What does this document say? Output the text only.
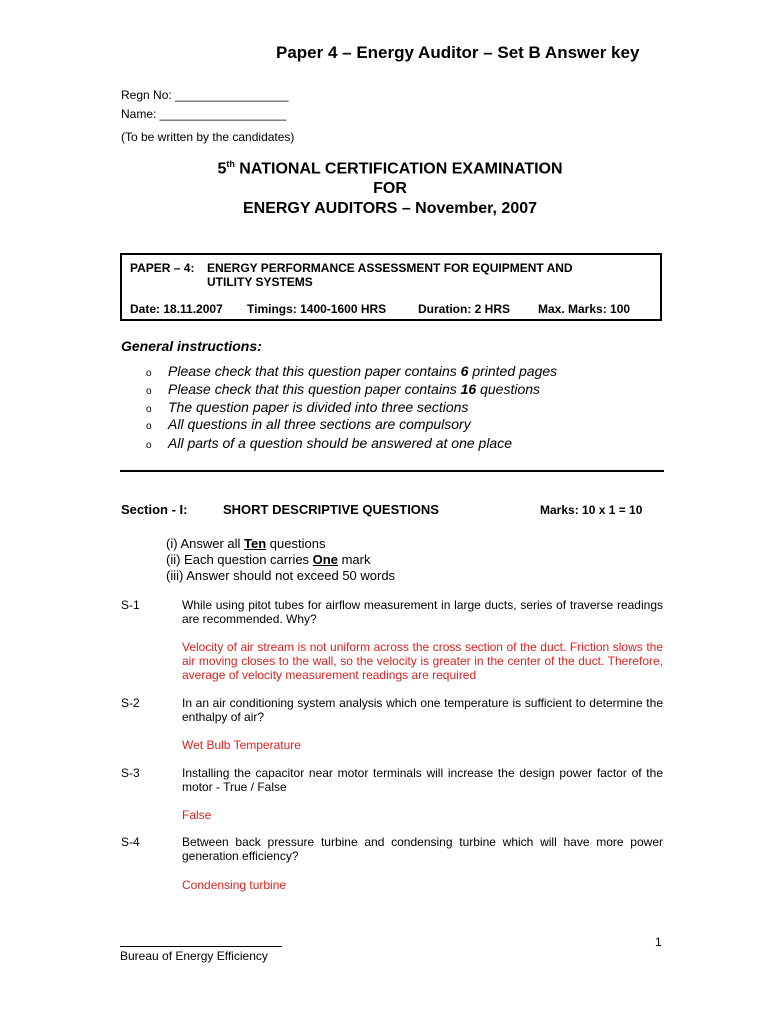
Paper 4 – Energy Auditor – Set B Answer key
Regn No: _________________
Name: ___________________
(To be written by the candidates)
5th NATIONAL CERTIFICATION EXAMINATION
FOR
ENERGY AUDITORS – November, 2007
PAPER – 4: ENERGY PERFORMANCE ASSESSMENT FOR EQUIPMENT AND
UTILITY SYSTEMS
Date: 18.11.2007 Timings: 1400-1600 HRS	Duration: 2 HRS Max. Marks: 100
General instructions:
o Please check that this question paper contains 6 printed pages
o Please check that this question paper contains 16 questions
o The question paper is divided into three sections
o All questions in all three sections are compulsory
o All parts of a question should be answered at one place
Section - I:	SHORT DESCRIPTIVE QUESTIONS	Marks: 10 x 1 = 10
(i) Answer all Ten questions
(ii) Each question carries One mark
(iii) Answer should not exceed 50 words
S-1	While using pitot tubes for airflow measurement in large ducts, series of traverse readings are recommended. Why?
Velocity of air stream is not uniform across the cross section of the duct. Friction slows the air moving closes to the wall, so the velocity is greater in the center of the duct. Therefore, average of velocity measurement readings are required
S-2	In an air conditioning system analysis which one temperature is sufficient to determine the enthalpy of air?
Wet Bulb Temperature
S-3	Installing the capacitor near motor terminals will increase the design power factor of the motor - True / False
False
S-4	Between back pressure turbine and condensing turbine which will have more power generation efficiency?
Condensing turbine
1
Bureau of Energy Efficiency
